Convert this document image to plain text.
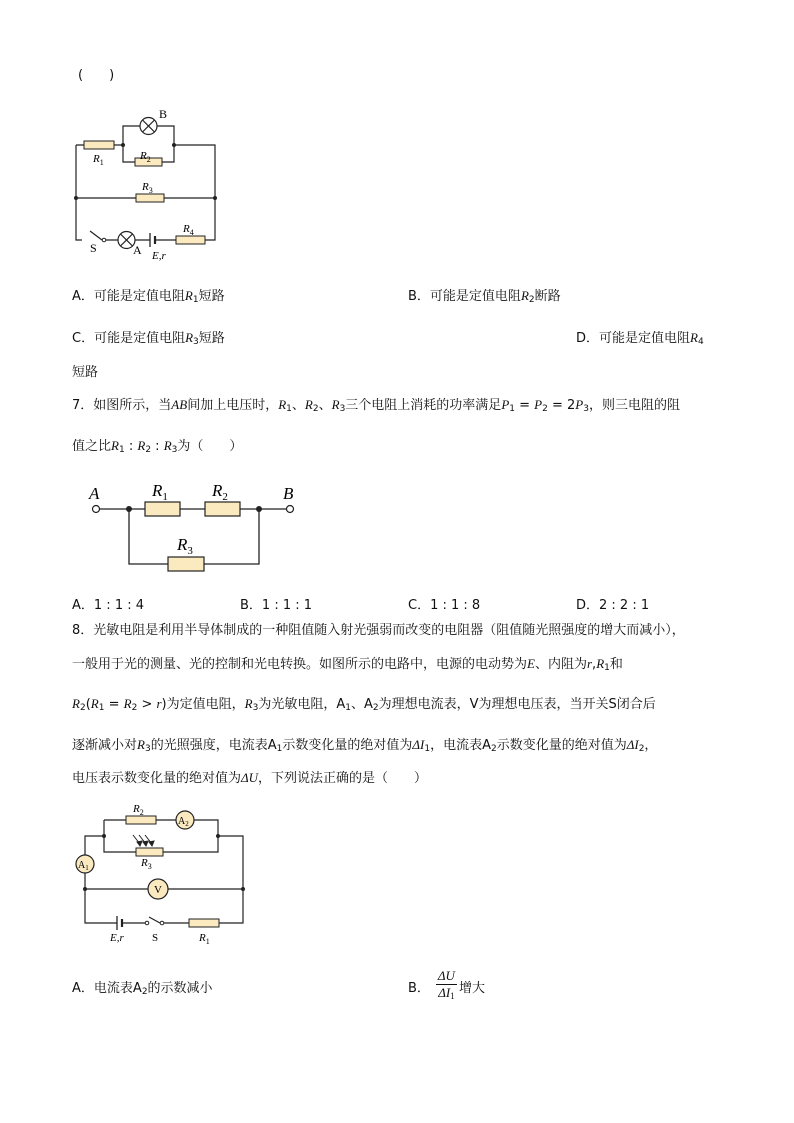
(　　)
B
A
$R_1$
$R_2$
$R_3$
$R_4$
S
E,r
A．可能是定值电阻$R_1$短路	B．可能是定值电阻$R_2$断路
C．可能是定值电阻$R_3$短路	D．可能是定值电阻$R_4$
短路
7．如图所示，当AB间加上电压时，$R_1$、$R_2$、$R_3$三个电阻上消耗的功率满足$P_1 = P_2 = 2P_3$，则三电阻的阻
值之比$R_1$ : $R_2$ : $R_3$为（　　）
A	B
$R_1$	$R_2$
$R_3$
A．1 : 1 : 4	B．1 : 1 : 1	C．1 : 1 : 8	D．2 : 2 : 1
8．光敏电阻是利用半导体制成的一种阻值随入射光强弱而改变的电阻器（阻值随光照强度的增大而减小），
一般用于光的测量、光的控制和光电转换。如图所示的电路中，电源的电动势为E、内阻为$r,R_1$和
$R_2(R_1 = R_2 > r)$为定值电阻，$R_3$为光敏电阻，$A_1$、$A_2$为理想电流表，V为理想电压表，当开关S闭合后
逐渐减小对$R_3$的光照强度，电流表$A_1$示数变化量的绝对值为$\Delta I_1$，电流表$A_2$示数变化量的绝对值为$\Delta I_2$，
电压表示数变化量的绝对值为ΔU，下列说法正确的是（　　）
$A_2$
$A_1$
V
$R_2$
$R_3$
E,r	S	$R_1$
A．电流表$A_2$的示数减小	B． $\frac{\Delta U}{\Delta I_1}$ 增大
